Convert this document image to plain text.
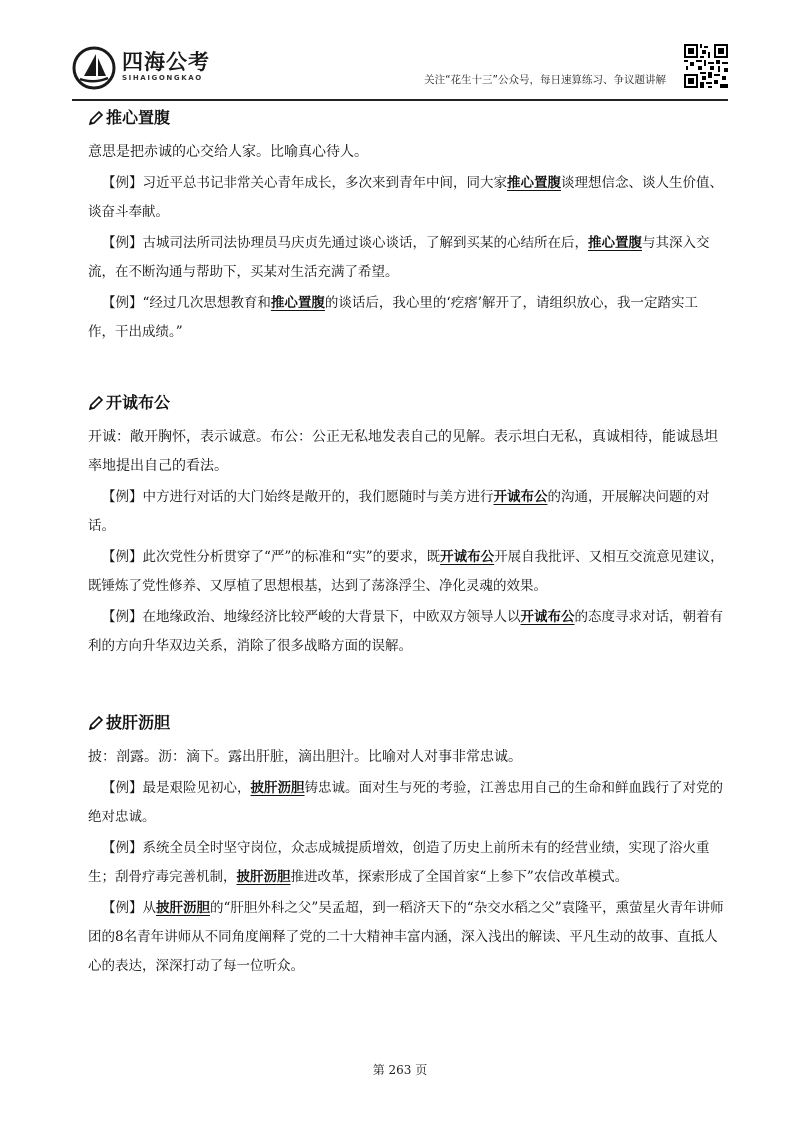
四海公考
SIHAIGONGKAO	关注“花生十三”公众号，每日速算练习、争议题讲解
推心置腹

意思是把赤诚的心交给人家。比喻真心待人。

【例】习近平总书记非常关心青年成长，多次来到青年中间，同大家推心置腹谈理想信念、谈人生价值、谈奋斗奉献。

【例】古城司法所司法协理员马庆贞先通过谈心谈话，了解到买某的心结所在后，推心置腹与其深入交流，在不断沟通与帮助下，买某对生活充满了希望。

【例】“经过几次思想教育和推心置腹的谈话后，我心里的‘疙瘩’解开了，请组织放心，我一定踏实工作，干出成绩。”

开诚布公

开诚：敞开胸怀，表示诚意。布公：公正无私地发表自己的见解。表示坦白无私，真诚相待，能诚恳坦率地提出自己的看法。

【例】中方进行对话的大门始终是敞开的，我们愿随时与美方进行开诚布公的沟通，开展解决问题的对话。

【例】此次党性分析贯穿了“严”的标准和“实”的要求，既开诚布公开展自我批评、又相互交流意见建议，既锤炼了党性修养、又厚植了思想根基，达到了荡涤浮尘、净化灵魂的效果。

【例】在地缘政治、地缘经济比较严峻的大背景下，中欧双方领导人以开诚布公的态度寻求对话，朝着有利的方向升华双边关系，消除了很多战略方面的误解。

披肝沥胆

披：剖露。沥：滴下。露出肝脏，滴出胆汁。比喻对人对事非常忠诚。

【例】最是艰险见初心，披肝沥胆铸忠诚。面对生与死的考验，江善忠用自己的生命和鲜血践行了对党的绝对忠诚。

【例】系统全员全时坚守岗位，众志成城提质增效，创造了历史上前所未有的经营业绩，实现了浴火重生；刮骨疗毒完善机制，披肝沥胆推进改革，探索形成了全国首家“上参下”农信改革模式。

【例】从披肝沥胆的“肝胆外科之父”吴孟超，到一稻济天下的“杂交水稻之父”袁隆平，熏萤星火青年讲师团的8名青年讲师从不同角度阐释了党的二十大精神丰富内涵，深入浅出的解读、平凡生动的故事、直抵人心的表达，深深打动了每一位听众。

第 263 页
